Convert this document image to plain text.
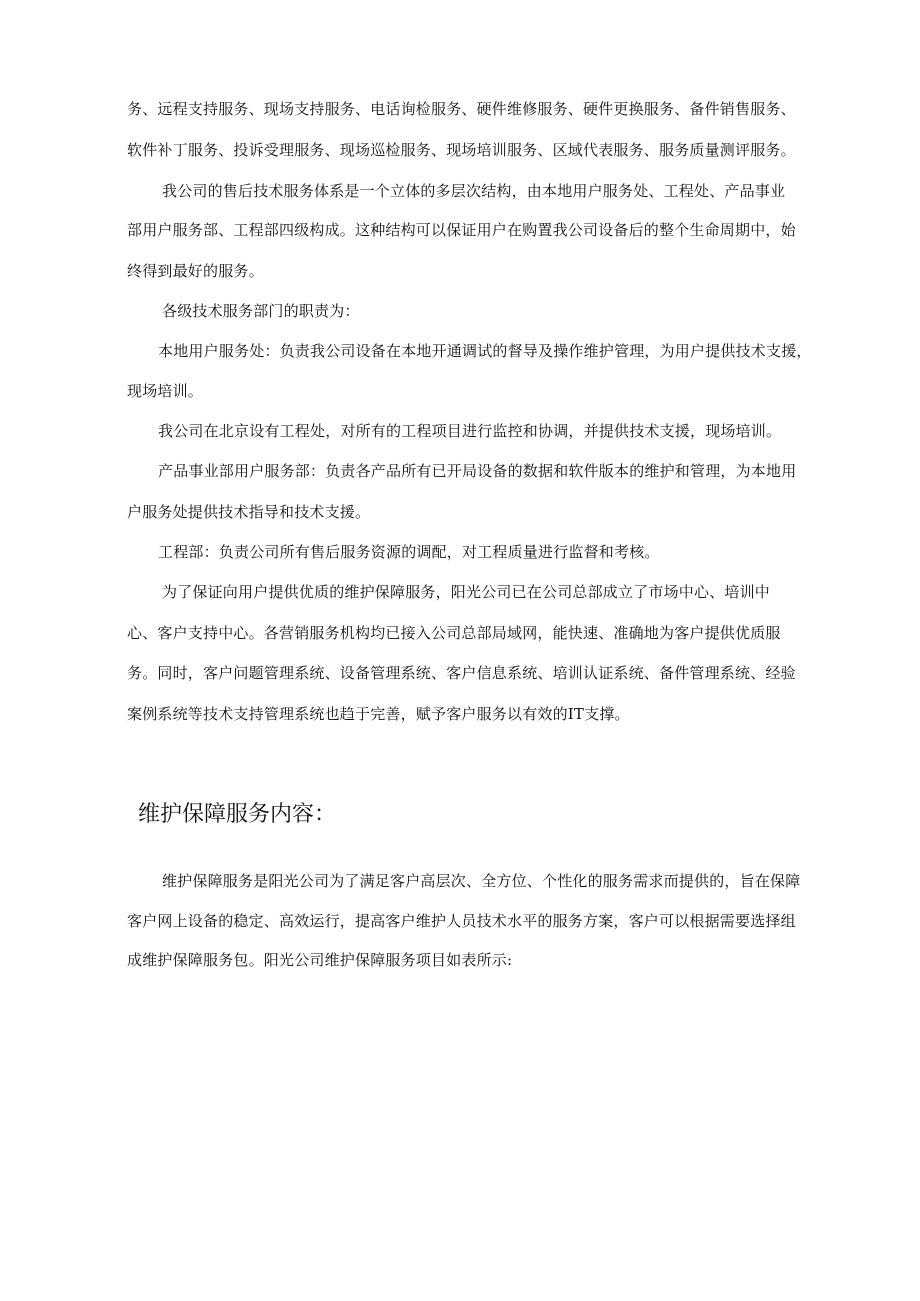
务、远程支持服务、现场支持服务、电话询检服务、硬件维修服务、硬件更换服务、备件销售服务、
软件补丁服务、投诉受理服务、现场巡检服务、现场培训服务、区域代表服务、服务质量测评服务。
我公司的售后技术服务体系是一个立体的多层次结构，由本地用户服务处、工程处、产品事业
部用户服务部、工程部四级构成。这种结构可以保证用户在购置我公司设备后的整个生命周期中，始
终得到最好的服务。
各级技术服务部门的职责为：
本地用户服务处：负责我公司设备在本地开通调试的督导及操作维护管理，为用户提供技术支援，
现场培训。
我公司在北京设有工程处，对所有的工程项目进行监控和协调，并提供技术支援，现场培训。
产品事业部用户服务部：负责各产品所有已开局设备的数据和软件版本的维护和管理，为本地用
户服务处提供技术指导和技术支援。
工程部：负责公司所有售后服务资源的调配，对工程质量进行监督和考核。
为了保证向用户提供优质的维护保障服务，阳光公司已在公司总部成立了市场中心、培训中
心、客户支持中心。各营销服务机构均已接入公司总部局域网，能快速、准确地为客户提供优质服
务。同时，客户问题管理系统、设备管理系统、客户信息系统、培训认证系统、备件管理系统、经验
案例系统等技术支持管理系统也趋于完善，赋予客户服务以有效的IT支撑。
维护保障服务内容：
维护保障服务是阳光公司为了满足客户高层次、全方位、个性化的服务需求而提供的，旨在保障
客户网上设备的稳定、高效运行，提高客户维护人员技术水平的服务方案，客户可以根据需要选择组
成维护保障服务包。阳光公司维护保障服务项目如表所示:
